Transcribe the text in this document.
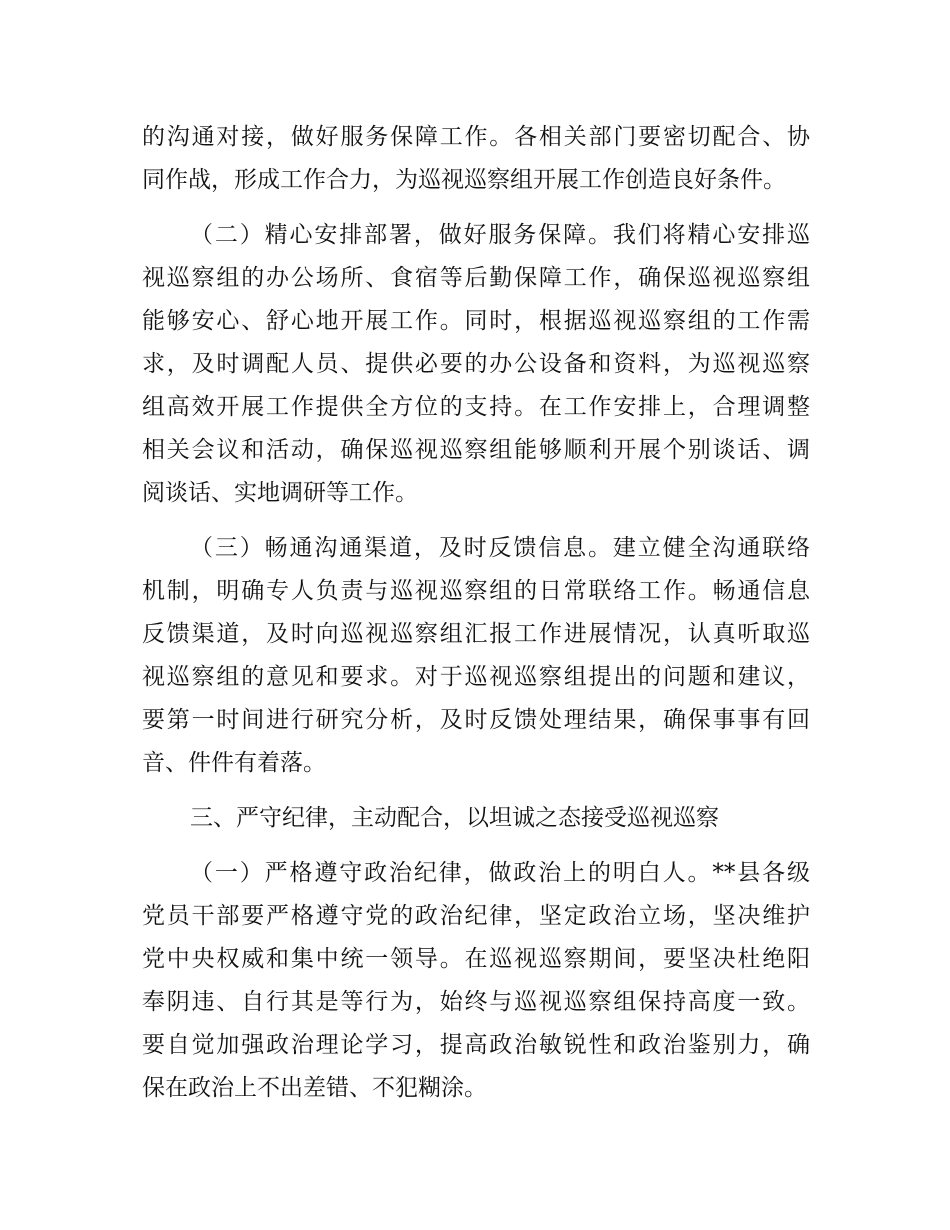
的沟通对接，做好服务保障工作。各相关部门要密切配合、协
同作战，形成工作合力，为巡视巡察组开展工作创造良好条件。
（二）精心安排部署，做好服务保障。我们将精心安排巡
视巡察组的办公场所、食宿等后勤保障工作，确保巡视巡察组
能够安心、舒心地开展工作。同时，根据巡视巡察组的工作需
求，及时调配人员、提供必要的办公设备和资料，为巡视巡察
组高效开展工作提供全方位的支持。在工作安排上，合理调整
相关会议和活动，确保巡视巡察组能够顺利开展个别谈话、调
阅谈话、实地调研等工作。
（三）畅通沟通渠道，及时反馈信息。建立健全沟通联络
机制，明确专人负责与巡视巡察组的日常联络工作。畅通信息
反馈渠道，及时向巡视巡察组汇报工作进展情况，认真听取巡
视巡察组的意见和要求。对于巡视巡察组提出的问题和建议，
要第一时间进行研究分析，及时反馈处理结果，确保事事有回
音、件件有着落。
三、严守纪律，主动配合，以坦诚之态接受巡视巡察
（一）严格遵守政治纪律，做政治上的明白人。**县各级
党员干部要严格遵守党的政治纪律，坚定政治立场，坚决维护
党中央权威和集中统一领导。在巡视巡察期间，要坚决杜绝阳
奉阴违、自行其是等行为，始终与巡视巡察组保持高度一致。
要自觉加强政治理论学习，提高政治敏锐性和政治鉴别力，确
保在政治上不出差错、不犯糊涂。
